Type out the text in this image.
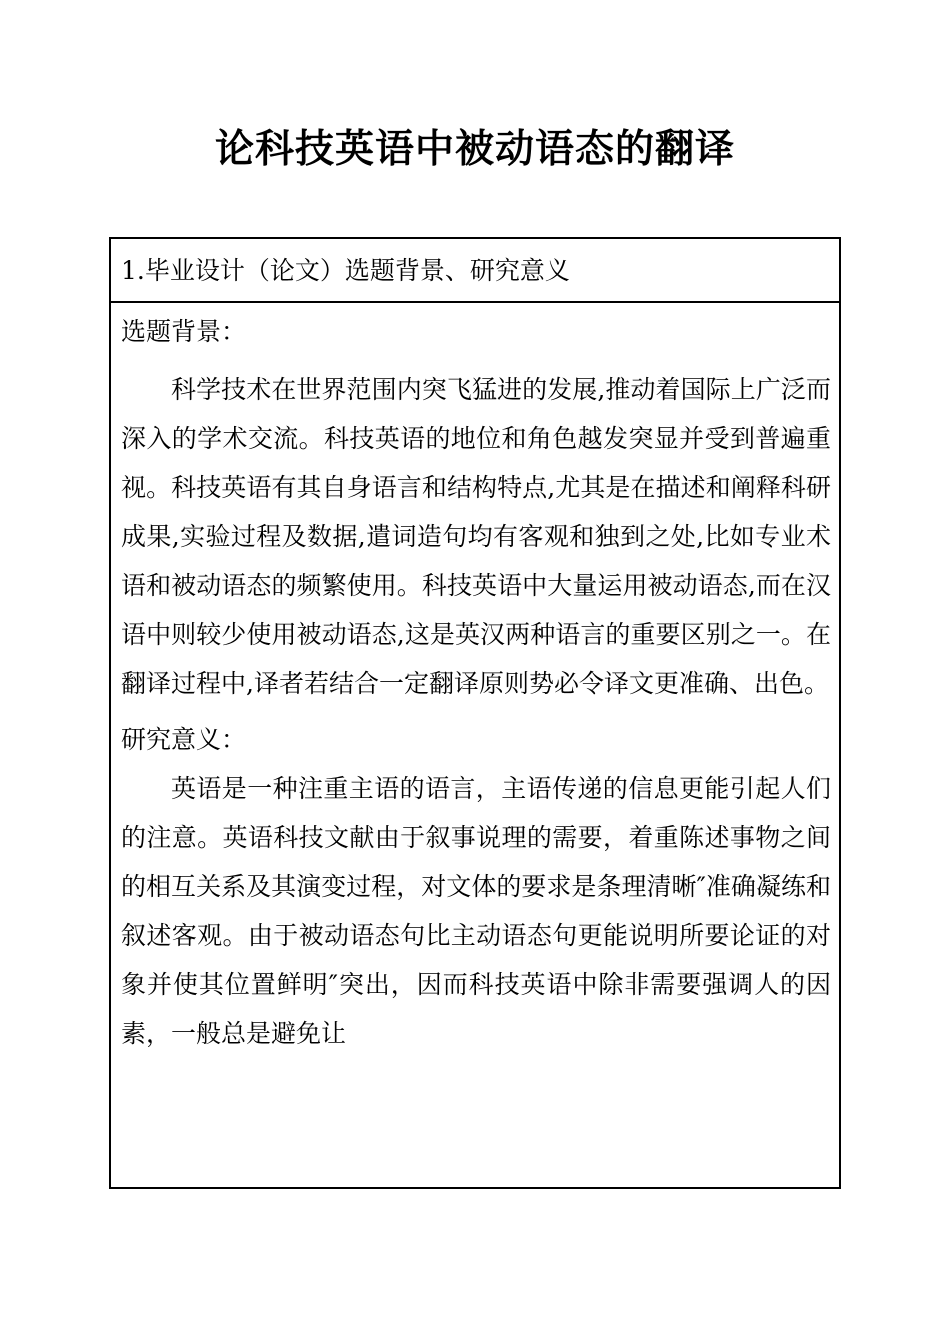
论科技英语中被动语态的翻译
1.毕业设计（论文）选题背景、研究意义
选题背景：

科学技术在世界范围内突飞猛进的发展,推动着国际上广泛而深入的学术交流。科技英语的地位和角色越发突显并受到普遍重视。科技英语有其自身语言和结构特点,尤其是在描述和阐释科研成果,实验过程及数据,遣词造句均有客观和独到之处,比如专业术语和被动语态的频繁使用。科技英语中大量运用被动语态,而在汉语中则较少使用被动语态,这是英汉两种语言的重要区别之一。在翻译过程中,译者若结合一定翻译原则势必令译文更准确、出色。

研究意义：

英语是一种注重主语的语言，主语传递的信息更能引起人们的注意。英语科技文献由于叙事说理的需要，着重陈述事物之间的相互关系及其演变过程，对文体的要求是条理清晰″准确凝练和叙述客观。由于被动语态句比主动语态句更能说明所要论证的对象并使其位置鲜明″突出，因而科技英语中除非需要强调人的因素，一般总是避免让
